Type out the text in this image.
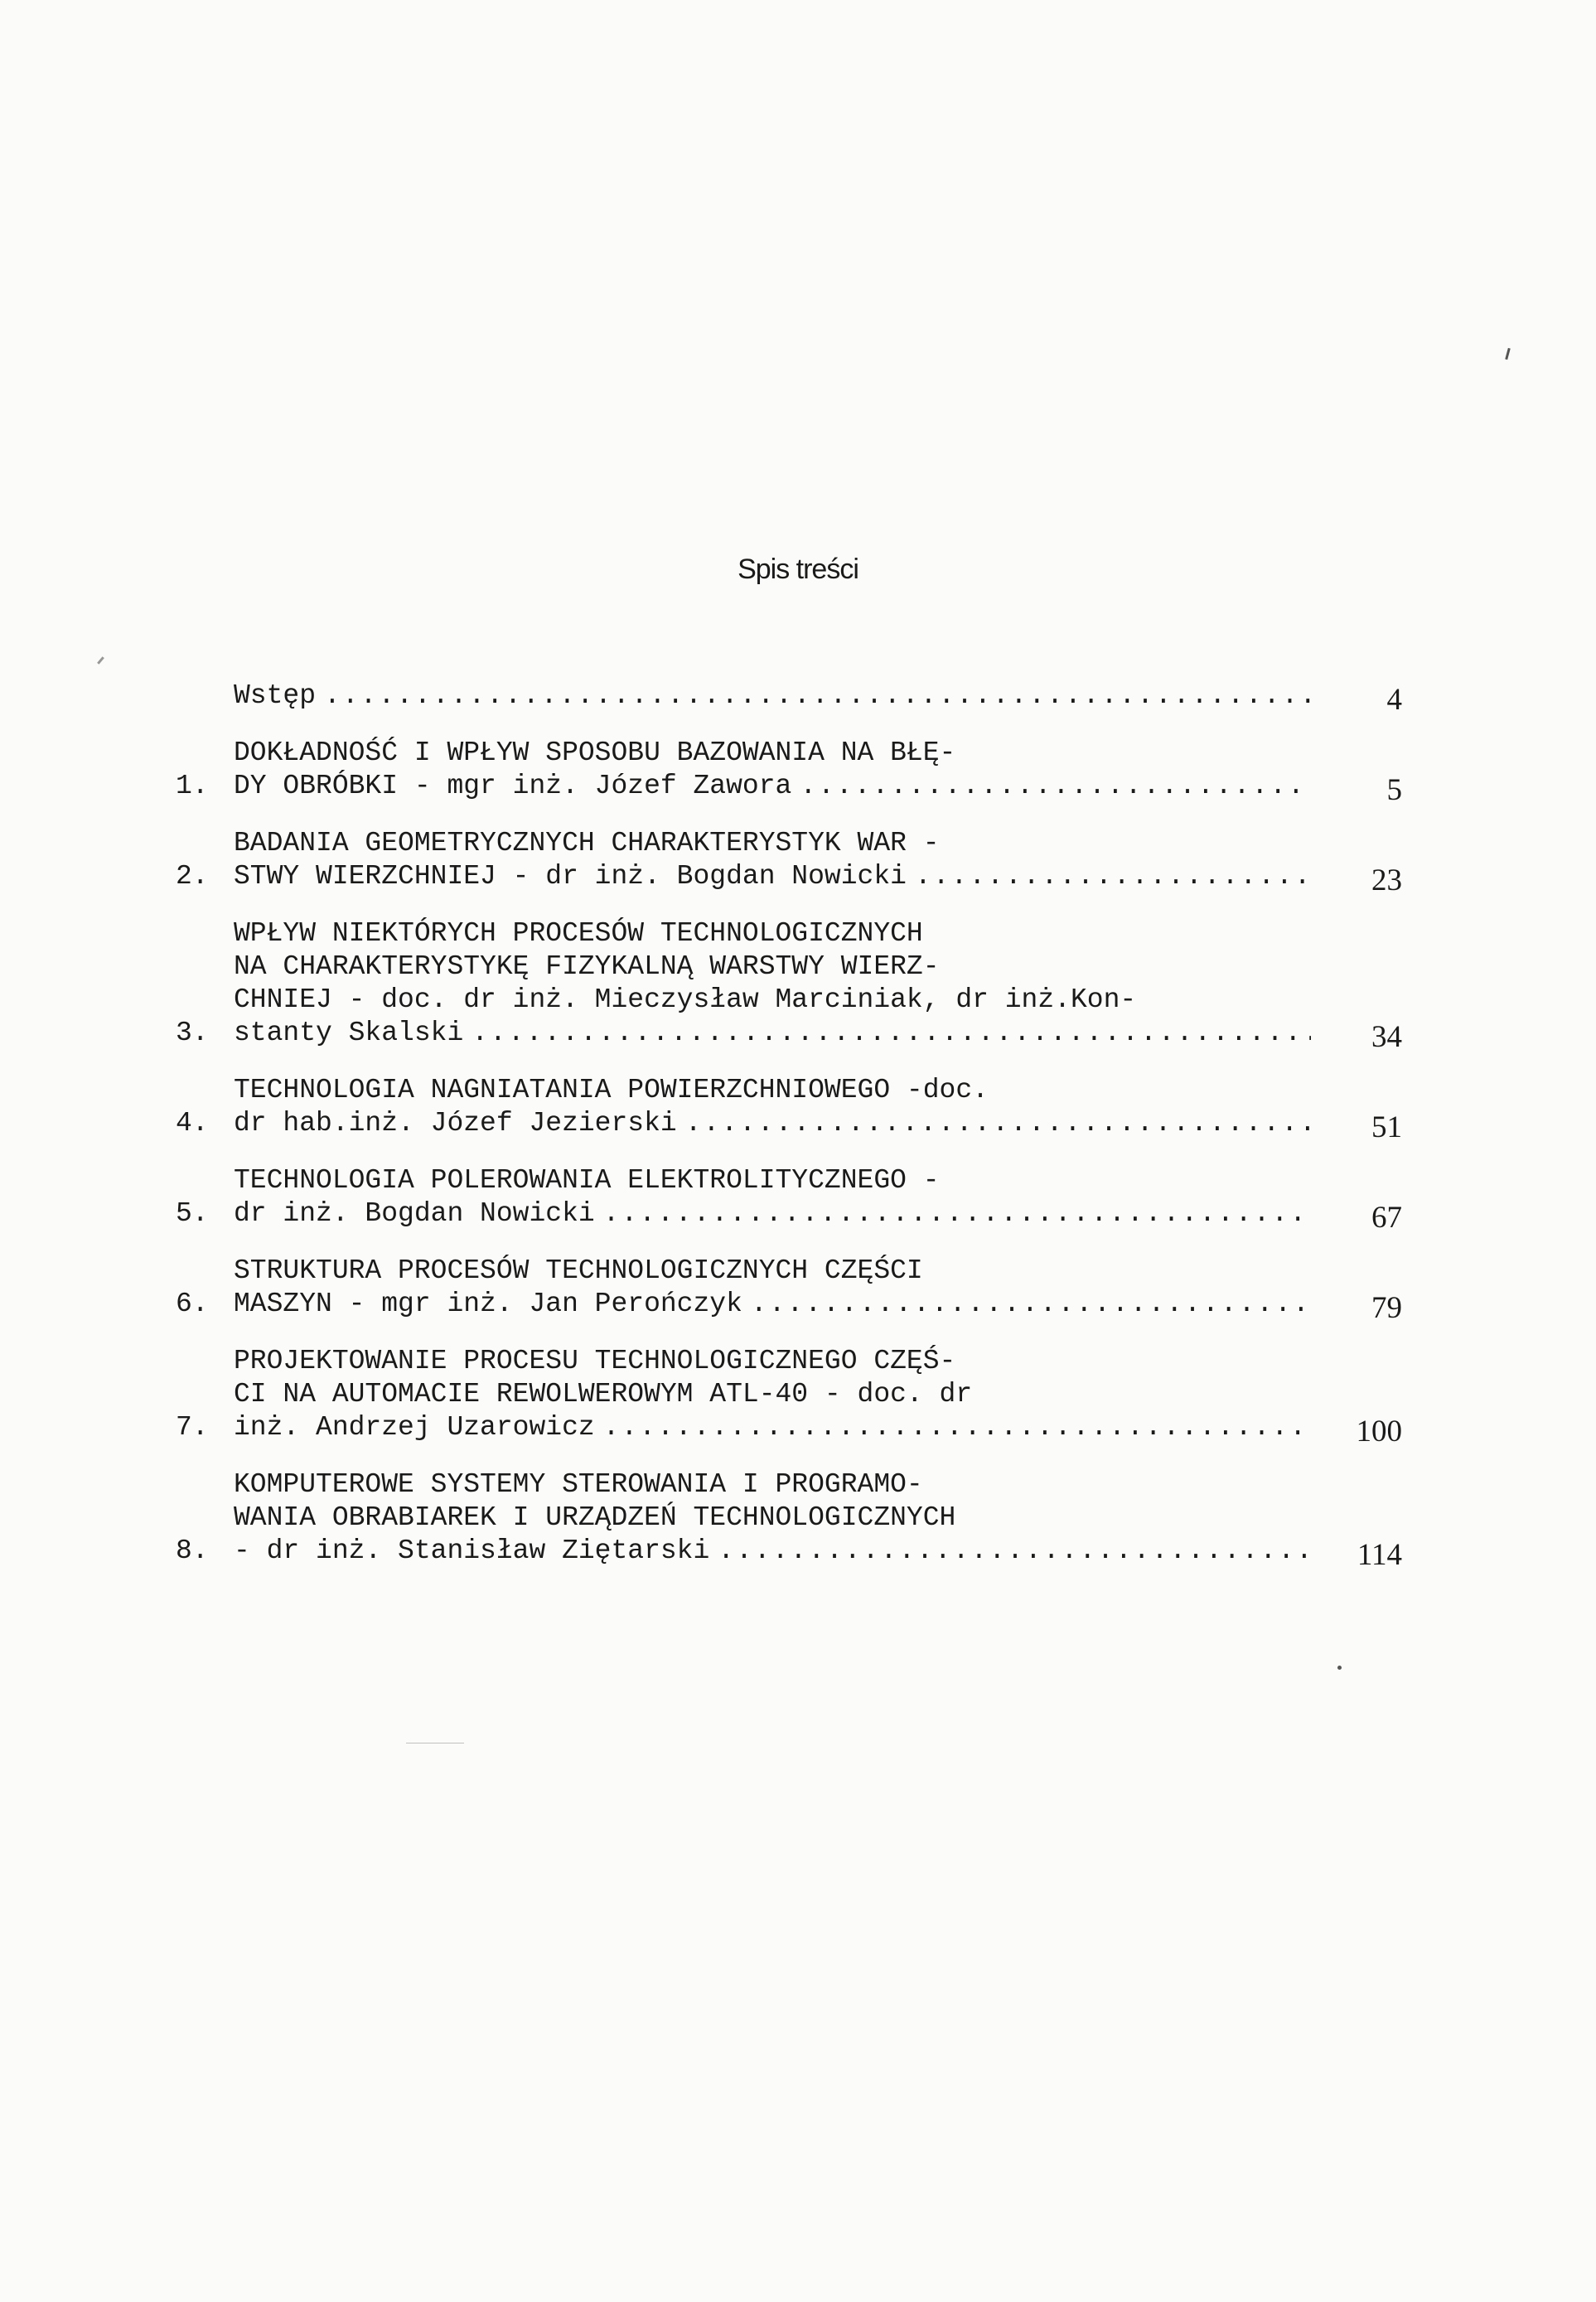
Spis treści
Wstęp .....	4
1.
DOKŁADNOŚĆ I WPŁYW SPOSOBU BAZOWANIA NA BŁĘ-
DY OBRÓBKI - mgr inż. Józef Zawora .....	5
2.
BADANIA GEOMETRYCZNYCH CHARAKTERYSTYK WAR -
STWY WIERZCHNIEJ - dr inż. Bogdan Nowicki .....	23
3.
WPŁYW NIEKTÓRYCH PROCESÓW TECHNOLOGICZNYCH
NA CHARAKTERYSTYKĘ FIZYKALNĄ WARSTWY WIERZ-
CHNIEJ - doc. dr inż. Mieczysław Marciniak, dr inż.Kon-
stanty Skalski .....	34
4.
TECHNOLOGIA NAGNIATANIA POWIERZCHNIOWEGO -doc.
dr hab.inż. Józef Jezierski .....	51
5.
TECHNOLOGIA POLEROWANIA ELEKTROLITYCZNEGO -
dr inż. Bogdan Nowicki .....	67
6.
STRUKTURA PROCESÓW TECHNOLOGICZNYCH CZĘŚCI
MASZYN - mgr inż. Jan Perończyk .....	79
7.
PROJEKTOWANIE PROCESU TECHNOLOGICZNEGO CZĘŚ-
CI NA AUTOMACIE REWOLWEROWYM ATL-40 - doc. dr
inż. Andrzej Uzarowicz .....	100
8.
KOMPUTEROWE SYSTEMY STEROWANIA I PROGRAMO-
WANIA OBRABIAREK I URZĄDZEŃ TECHNOLOGICZNYCH
- dr inż. Stanisław Ziętarski .....	114
